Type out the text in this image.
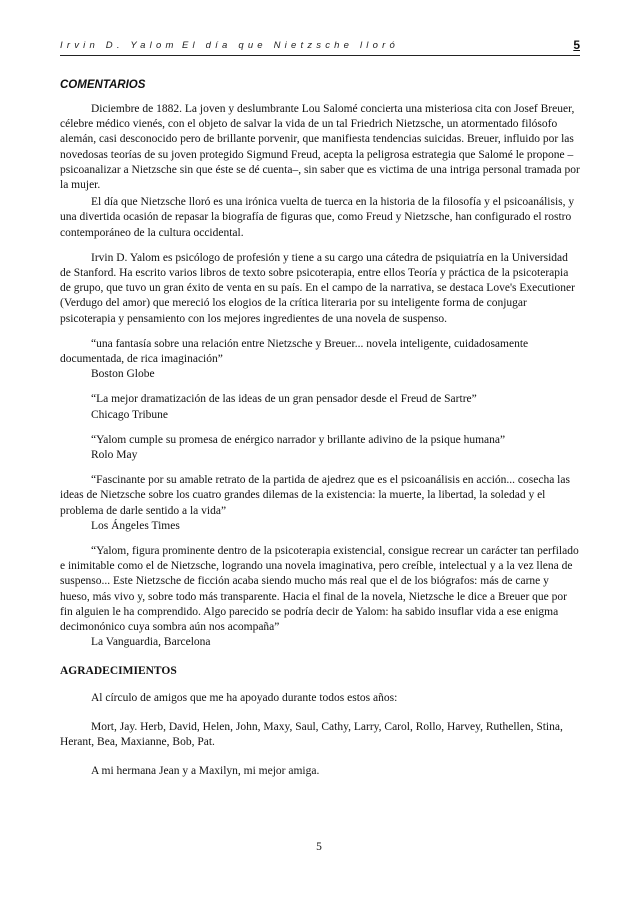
Irvin D. Yalom El día que Nietzsche lloró	5
COMENTARIOS

Diciembre de 1882. La joven y deslumbrante Lou Salomé concierta una misteriosa cita con Josef Breuer, célebre médico vienés, con el objeto de salvar la vida de un tal Friedrich Nietzsche, un atormentado filósofo alemán, casi desconocido pero de brillante porvenir, que manifiesta tendencias suicidas. Breuer, influido por las novedosas teorías de su joven protegido Sigmund Freud, acepta la peligrosa estrategia que Salomé le propone –psicoanalizar a Nietzsche sin que éste se dé cuenta–, sin saber que es victima de una intriga personal tramada por la mujer.

El día que Nietzsche lloró es una irónica vuelta de tuerca en la historia de la filosofía y el psicoanálisis, y una divertida ocasión de repasar la biografía de figuras que, como Freud y Nietzsche, han configurado el rostro contemporáneo de la cultura occidental.

Irvin D. Yalom es psicólogo de profesión y tiene a su cargo una cátedra de psiquiatría en la Universidad de Stanford. Ha escrito varios libros de texto sobre psicoterapia, entre ellos Teoría y práctica de la psicoterapia de grupo, que tuvo un gran éxito de venta en su país. En el campo de la narrativa, se destaca Love's Executioner (Verdugo del amor) que mereció los elogios de la crítica literaria por su inteligente forma de conjugar psicoterapia y pensamiento con los mejores ingredientes de una novela de suspenso.

“una fantasía sobre una relación entre Nietzsche y Breuer... novela inteligente, cuidadosamente documentada, de rica imaginación”

Boston Globe

“La mejor dramatización de las ideas de un gran pensador desde el Freud de Sartre”

Chicago Tribune

“Yalom cumple su promesa de enérgico narrador y brillante adivino de la psique humana”

Rolo May

“Fascinante por su amable retrato de la partida de ajedrez que es el psicoanálisis en acción... cosecha las ideas de Nietzsche sobre los cuatro grandes dilemas de la existencia: la muerte, la libertad, la soledad y el problema de darle sentido a la vida”

Los Ángeles Times

“Yalom, figura prominente dentro de la psicoterapia existencial, consigue recrear un carácter tan perfilado e inimitable como el de Nietzsche, logrando una novela imaginativa, pero creíble, intelectual y a la vez llena de suspenso... Este Nietzsche de ficción acaba siendo mucho más real que el de los biógrafos: más de carne y hueso, más vivo y, sobre todo más transparente. Hacia el final de la novela, Nietzsche le dice a Breuer que por fin alguien le ha comprendido. Algo parecido se podría decir de Yalom: ha sabido insuflar vida a ese enigma decimonónico cuya sombra aún nos acompaña”

La Vanguardia, Barcelona
AGRADECIMIENTOS

Al círculo de amigos que me ha apoyado durante todos estos años:

Mort, Jay. Herb, David, Helen, John, Maxy, Saul, Cathy, Larry, Carol, Rollo, Harvey, Ruthellen, Stina, Herant, Bea, Maxianne, Bob, Pat.

A mi hermana Jean y a Maxilyn, mi mejor amiga.

5
